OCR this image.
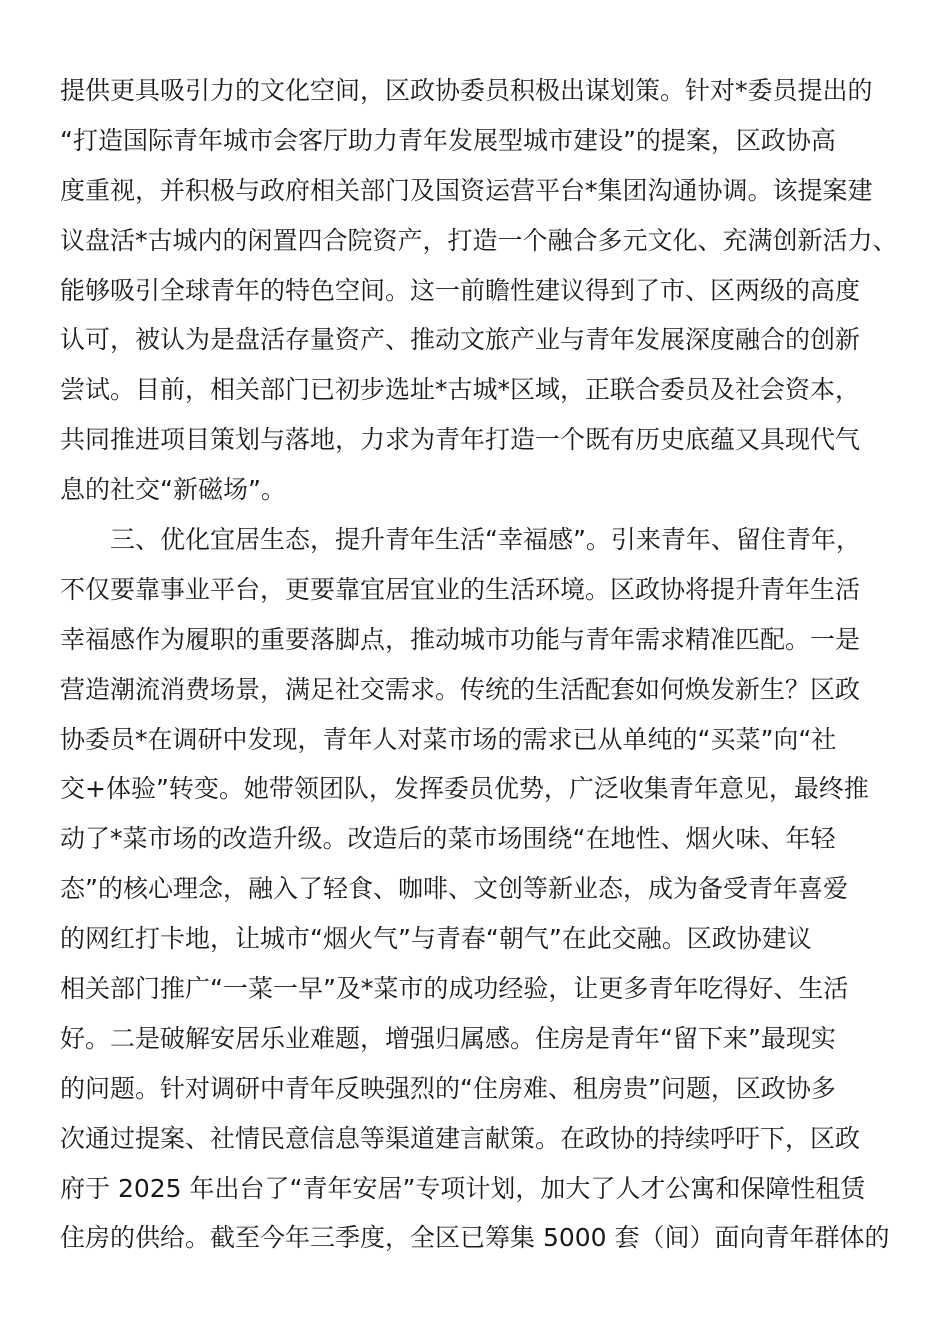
提供更具吸引力的文化空间，区政协委员积极出谋划策。针对*委员提出的
“打造国际青年城市会客厅助力青年发展型城市建设”的提案，区政协高
度重视，并积极与政府相关部门及国资运营平台*集团沟通协调。该提案建
议盘活*古城内的闲置四合院资产，打造一个融合多元文化、充满创新活力、
能够吸引全球青年的特色空间。这一前瞻性建议得到了市、区两级的高度
认可，被认为是盘活存量资产、推动文旅产业与青年发展深度融合的创新
尝试。目前，相关部门已初步选址*古城*区域，正联合委员及社会资本，
共同推进项目策划与落地，力求为青年打造一个既有历史底蕴又具现代气
息的社交“新磁场”。
　　三、优化宜居生态，提升青年生活“幸福感”。引来青年、留住青年，
不仅要靠事业平台，更要靠宜居宜业的生活环境。区政协将提升青年生活
幸福感作为履职的重要落脚点，推动城市功能与青年需求精准匹配。一是
营造潮流消费场景，满足社交需求。传统的生活配套如何焕发新生？区政
协委员*在调研中发现，青年人对菜市场的需求已从单纯的“买菜”向“社
交+体验”转变。她带领团队，发挥委员优势，广泛收集青年意见，最终推
动了*菜市场的改造升级。改造后的菜市场围绕“在地性、烟火味、年轻
态”的核心理念，融入了轻食、咖啡、文创等新业态，成为备受青年喜爱
的网红打卡地，让城市“烟火气”与青春“朝气”在此交融。区政协建议
相关部门推广“一菜一早”及*菜市的成功经验，让更多青年吃得好、生活
好。二是破解安居乐业难题，增强归属感。住房是青年“留下来”最现实
的问题。针对调研中青年反映强烈的“住房难、租房贵”问题，区政协多
次通过提案、社情民意信息等渠道建言献策。在政协的持续呼吁下，区政
府于 2025 年出台了“青年安居”专项计划，加大了人才公寓和保障性租赁
住房的供给。截至今年三季度，全区已筹集 5000 套（间）面向青年群体的
